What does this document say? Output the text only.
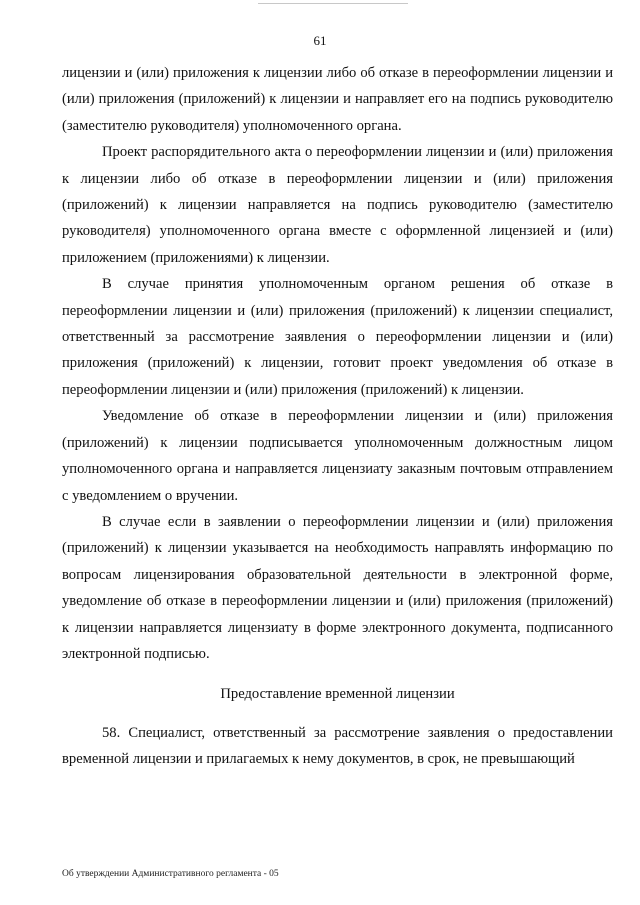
61

лицензии и (или) приложения к лицензии либо об отказе в переоформлении лицензии и (или) приложения (приложений) к лицензии и направляет его на подпись руководителю (заместителю руководителя) уполномоченного органа.

Проект распорядительного акта о переоформлении лицензии и (или) приложения к лицензии либо об отказе в переоформлении лицензии и (или) приложения (приложений) к лицензии направляется на подпись руководителю (заместителю руководителя) уполномоченного органа вместе с оформленной лицензией и (или) приложением (приложениями) к лицензии.

В случае принятия уполномоченным органом решения об отказе в переоформлении лицензии и (или) приложения (приложений) к лицензии специалист, ответственный за рассмотрение заявления о переоформлении лицензии и (или) приложения (приложений) к лицензии, готовит проект уведомления об отказе в переоформлении лицензии и (или) приложения (приложений) к лицензии.

Уведомление об отказе в переоформлении лицензии и (или) приложения (приложений) к лицензии подписывается уполномоченным должностным лицом уполномоченного органа и направляется лицензиату заказным почтовым отправлением с уведомлением о вручении.

В случае если в заявлении о переоформлении лицензии и (или) приложения (приложений) к лицензии указывается на необходимость направлять информацию по вопросам лицензирования образовательной деятельности в электронной форме, уведомление об отказе в переоформлении лицензии и (или) приложения (приложений) к лицензии направляется лицензиату в форме электронного документа, подписанного электронной подписью.

Предоставление временной лицензии

58. Специалист, ответственный за рассмотрение заявления о предоставлении временной лицензии и прилагаемых к нему документов, в срок, не превышающий

Об утверждении Административного регламента - 05
